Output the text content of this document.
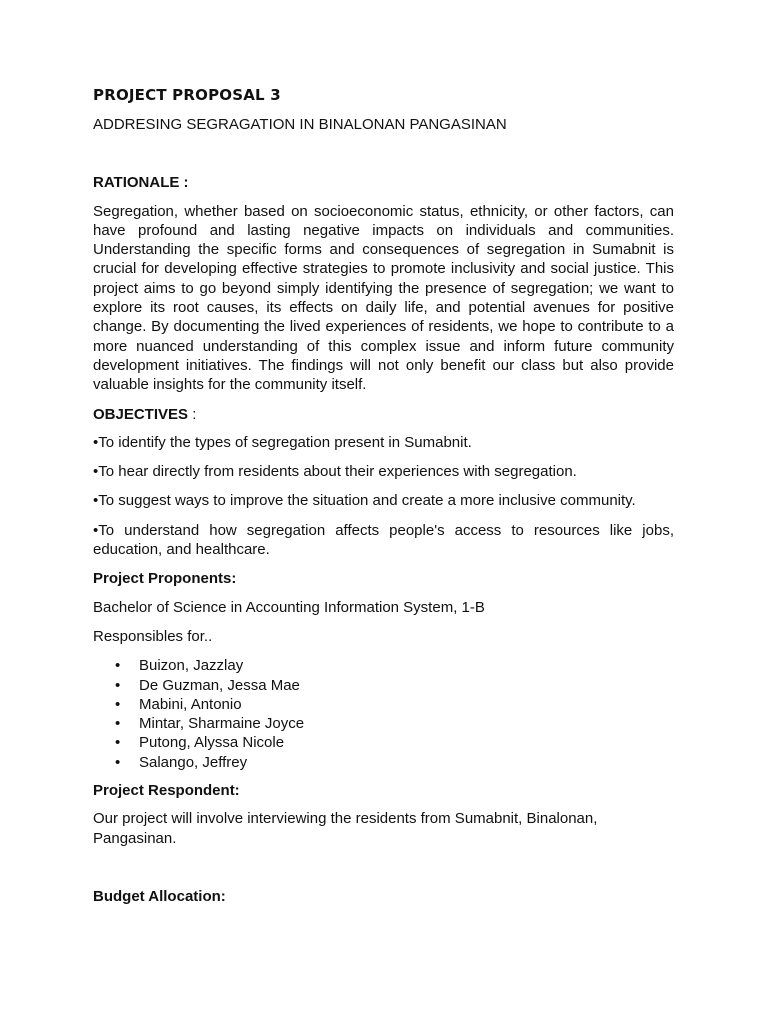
PROJECT PROPOSAL 3
ADDRESING SEGRAGATION IN BINALONAN PANGASINAN
RATIONALE :
Segregation, whether based on socioeconomic status, ethnicity, or other factors, can have profound and lasting negative impacts on individuals and communities. Understanding the specific forms and consequences of segregation in Sumabnit is crucial for developing effective strategies to promote inclusivity and social justice. This project aims to go beyond simply identifying the presence of segregation; we want to explore its root causes, its effects on daily life, and potential avenues for positive change. By documenting the lived experiences of residents, we hope to contribute to a more nuanced understanding of this complex issue and inform future community development initiatives. The findings will not only benefit our class but also provide valuable insights for the community itself.
OBJECTIVES :
•To identify the types of segregation present in Sumabnit.
•To hear directly from residents about their experiences with segregation.
•To suggest ways to improve the situation and create a more inclusive community.
•To understand how segregation affects people's access to resources like jobs, education, and healthcare.
Project Proponents:
Bachelor of Science in Accounting Information System, 1-B
Responsibles for..
• Buizon, Jazzlay
• De Guzman, Jessa Mae
• Mabini, Antonio
• Mintar, Sharmaine Joyce
• Putong, Alyssa Nicole
• Salango, Jeffrey
Project Respondent:
Our project will involve interviewing the residents from Sumabnit, Binalonan, Pangasinan.
Budget Allocation:
